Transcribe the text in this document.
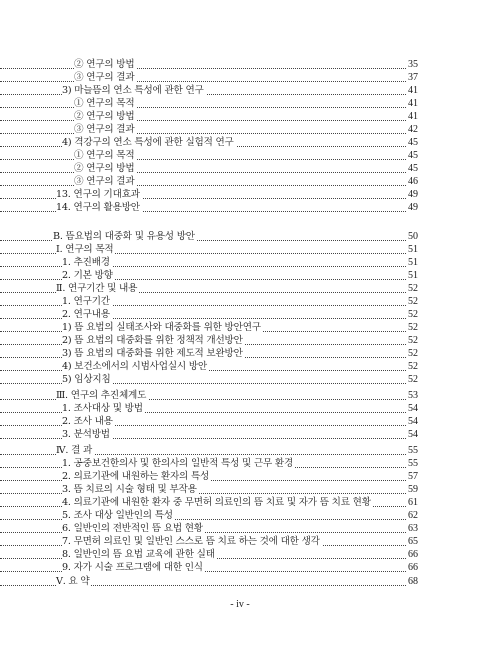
② 연구의 방법	35
③ 연구의 결과	37
3) 마늘뜸의 연소 특성에 관한 연구	41
① 연구의 목적	41
② 연구의 방법	41
③ 연구의 결과	42
4) 격강구의 연소 특성에 관한 실험적 연구	45
① 연구의 목적	45
② 연구의 방법	45
③ 연구의 결과	46
13. 연구의 기대효과	49
14. 연구의 활용방안	49
B. 뜸요법의 대중화 및 유용성 방안	50
Ⅰ. 연구의 목적	51
1. 추진배경	51
2. 기본 방향	51
Ⅱ. 연구기간 및 내용	52
1. 연구기간	52
2. 연구내용	52
1) 뜸 요법의 실태조사와 대중화를 위한 방안연구	52
2) 뜸 요법의 대중화를 위한 정책적 개선방안	52
3) 뜸 요법의 대중화를 위한 제도적 보완방안	52
4) 보건소에서의 시범사업실시 방안	52
5) 임상지침	52
Ⅲ. 연구의 추진체계도	53
1. 조사대상 및 방법	54
2. 조사 내용	54
3. 분석방법	54
Ⅳ. 결 과	55
1. 공중보건한의사 및 한의사의 일반적 특성 및 근무 환경	55
2. 의료기관에 내원하는 환자의 특성	57
3. 뜸 치료의 시술 형태 및 부작용	59
4. 의료기관에 내원한 환자 중 무면허 의료인의 뜸 치료 및 자가 뜸 치료 현황	61
5. 조사 대상 일반인의 특성	62
6. 일반인의 전반적인 뜸 요법 현황	63
7. 무면허 의료인 및 일반인 스스로 뜸 치료 하는 것에 대한 생각	65
8. 일반인의 뜸 요법 교육에 관한 실태	66
9. 자가 시술 프로그램에 대한 인식	66
Ⅴ. 요 약	68
- iv -
